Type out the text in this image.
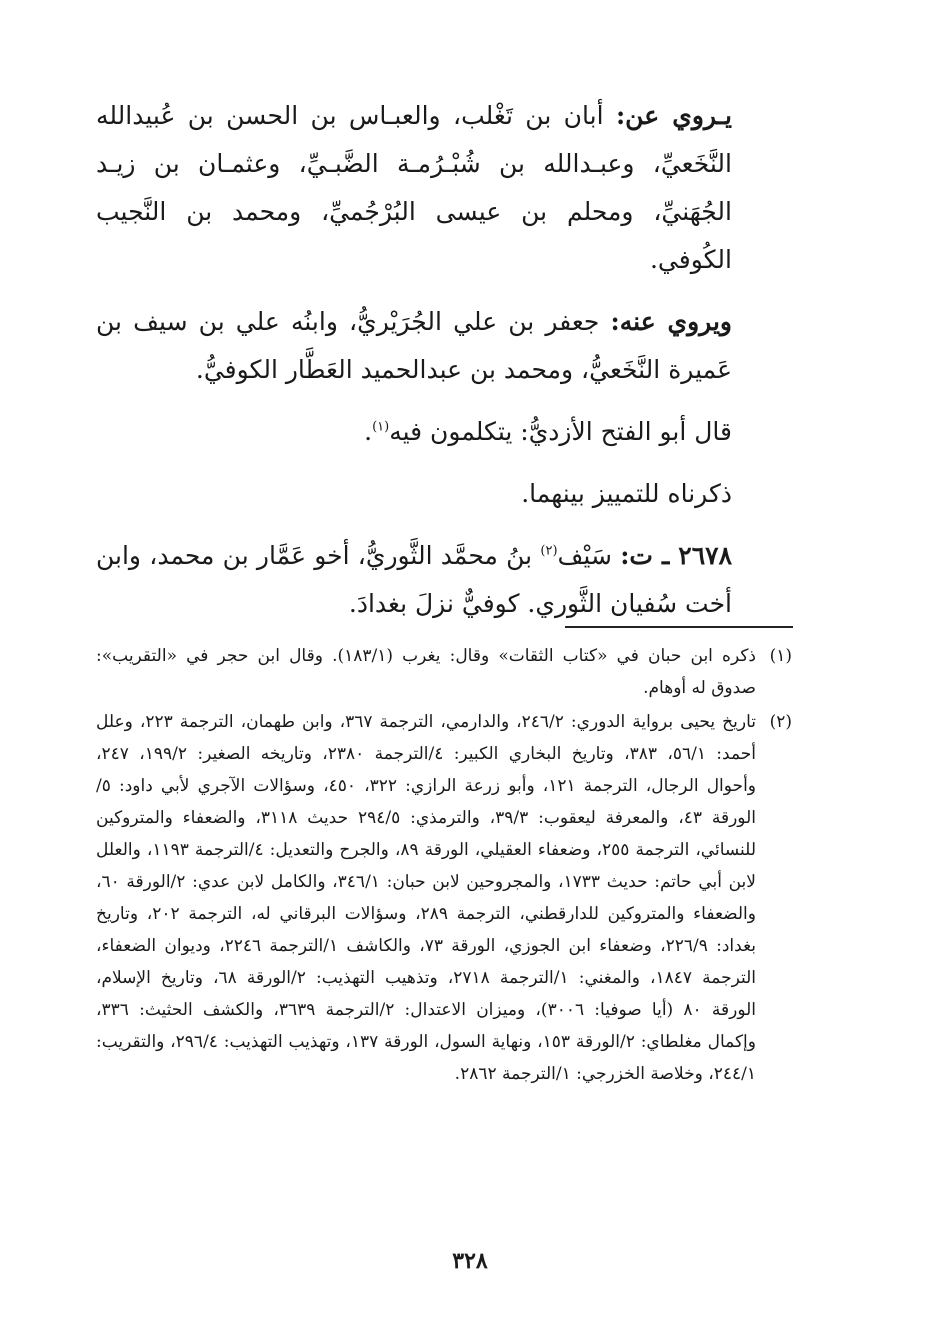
يـروي عن: أبان بن تَغْلب، والعبـاس بن الحسن بن عُبيدالله النَّخَعيِّ، وعبـدالله بن شُبْـرُمـة الضَّبـيِّ، وعثمـان بن زيـد الجُهَنيِّ، ومحلم بن عيسى البُرْجُميِّ، ومحمد بن النَّجيب الكُوفي.

ويروي عنه: جعفر بن علي الجُرَيْريُّ، وابنُه علي بن سيف بن عَميرة النَّخَعيُّ، ومحمد بن عبدالحميد العَطَّار الكوفيُّ.

قال أبو الفتح الأزديُّ: يتكلمون فيه$^{(١)}$.

ذكرناه للتمييز بينهما.

٢٦٧٨ ـ ت: سَيْف$^{(٢)}$ بنُ محمَّد الثَّوريُّ، أخو عَمَّار بن محمد، وابن أخت سُفيان الثَّوري. كوفيٌّ نزلَ بغدادَ.

(١)
ذكره ابن حبان في «كتاب الثقات» وقال: يغرب (١٨٣/١). وقال ابن حجر في «التقريب»: صدوق له أوهام.
(٢)
تاريخ يحيى برواية الدوري: ٢٤٦/٢، والدارمي، الترجمة ٣٦٧، وابن طهمان، الترجمة ٢٢٣، وعلل أحمد: ٥٦/١، ٣٨٣، وتاريخ البخاري الكبير: ٤/الترجمة ٢٣٨٠، وتاريخه الصغير: ١٩٩/٢، ٢٤٧، وأحوال الرجال، الترجمة ١٢١، وأبو زرعة الرازي: ٣٢٢، ٤٥٠، وسؤالات الآجري لأبي داود: ٥/الورقة ٤٣، والمعرفة ليعقوب: ٣٩/٣، والترمذي: ٢٩٤/٥ حديث ٣١١٨، والضعفاء والمتروكين للنسائي، الترجمة ٢٥٥، وضعفاء العقيلي، الورقة ٨٩، والجرح والتعديل: ٤/الترجمة ١١٩٣، والعلل لابن أبي حاتم: حديث ١٧٣٣، والمجروحين لابن حبان: ٣٤٦/١، والكامل لابن عدي: ٢/الورقة ٦٠، والضعفاء والمتروكين للدارقطني، الترجمة ٢٨٩، وسؤالات البرقاني له، الترجمة ٢٠٢، وتاريخ بغداد: ٢٢٦/٩، وضعفاء ابن الجوزي، الورقة ٧٣، والكاشف ١/الترجمة ٢٢٤٦، وديوان الضعفاء، الترجمة ١٨٤٧، والمغني: ١/الترجمة ٢٧١٨، وتذهيب التهذيب: ٢/الورقة ٦٨، وتاريخ الإسلام، الورقة ٨٠ (أيا صوفيا: ٣٠٠٦)، وميزان الاعتدال: ٢/الترجمة ٣٦٣٩، والكشف الحثيث: ٣٣٦، وإكمال مغلطاي: ٢/الورقة ١٥٣، ونهاية السول، الورقة ١٣٧، وتهذيب التهذيب: ٢٩٦/٤، والتقريب: ٢٤٤/١، وخلاصة الخزرجي: ١/الترجمة ٢٨٦٢.
٣٢٨
